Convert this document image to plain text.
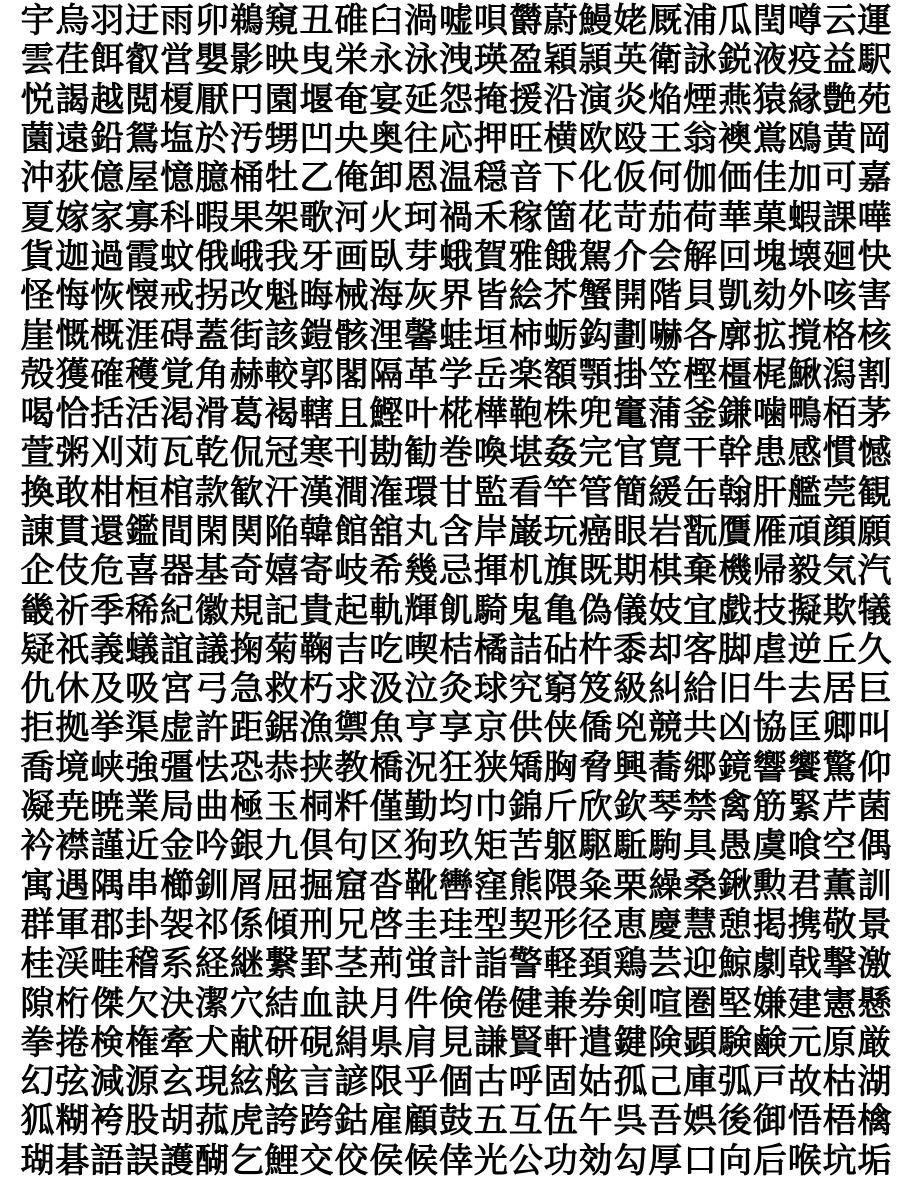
宇 烏 羽 迂 雨 卯 鵜 窺 丑 碓 臼 渦 嘘 唄 欝 蔚 鰻 姥 厩 浦 瓜 閏 噂 云 運
雲 荏 餌 叡 営 嬰 影 映 曳 栄 永 泳 洩 瑛 盈 穎 頴 英 衛 詠 鋭 液 疫 益 駅
悦 謁 越 閲 榎 厭 円 園 堰 奄 宴 延 怨 掩 援 沿 演 炎 焔 煙 燕 猿 縁 艶 苑
薗 遠 鉛 鴛 塩 於 汚 甥 凹 央 奥 往 応 押 旺 横 欧 殴 王 翁 襖 鴬 鴎 黄 岡
沖 荻 億 屋 憶 臆 桶 牡 乙 俺 卸 恩 温 穏 音 下 化 仮 何 伽 価 佳 加 可 嘉
夏 嫁 家 寡 科 暇 果 架 歌 河 火 珂 禍 禾 稼 箇 花 苛 茄 荷 華 菓 蝦 課 嘩
貨 迦 過 霞 蚊 俄 峨 我 牙 画 臥 芽 蛾 賀 雅 餓 駕 介 会 解 回 塊 壊 廻 快
怪 悔 恢 懐 戒 拐 改 魁 晦 械 海 灰 界 皆 絵 芥 蟹 開 階 貝 凱 劾 外 咳 害
崖 慨 概 涯 碍 蓋 街 該 鎧 骸 浬 馨 蛙 垣 柿 蛎 鈎 劃 嚇 各 廓 拡 撹 格 核
殻 獲 確 穫 覚 角 赫 較 郭 閣 隔 革 学 岳 楽 額 顎 掛 笠 樫 橿 梶 鰍 潟 割
喝 恰 括 活 渇 滑 葛 褐 轄 且 鰹 叶 椛 樺 鞄 株 兜 竃 蒲 釜 鎌 噛 鴨 栢 茅
萱 粥 刈 苅 瓦 乾 侃 冠 寒 刊 勘 勧 巻 喚 堪 姦 完 官 寛 干 幹 患 感 慣 憾
換 敢 柑 桓 棺 款 歓 汗 漢 澗 潅 環 甘 監 看 竿 管 簡 緩 缶 翰 肝 艦 莞 観
諌 貫 還 鑑 間 閑 関 陥 韓 館 舘 丸 含 岸 巌 玩 癌 眼 岩 翫 贋 雁 頑 顔 願
企 伎 危 喜 器 基 奇 嬉 寄 岐 希 幾 忌 揮 机 旗 既 期 棋 棄 機 帰 毅 気 汽
畿 祈 季 稀 紀 徽 規 記 貴 起 軌 輝 飢 騎 鬼 亀 偽 儀 妓 宜 戯 技 擬 欺 犠
疑 祇 義 蟻 誼 議 掬 菊 鞠 吉 吃 喫 桔 橘 詰 砧 杵 黍 却 客 脚 虐 逆 丘 久
仇 休 及 吸 宮 弓 急 救 朽 求 汲 泣 灸 球 究 窮 笈 級 糾 給 旧 牛 去 居 巨
拒 拠 挙 渠 虚 許 距 鋸 漁 禦 魚 亨 享 京 供 侠 僑 兇 競 共 凶 協 匡 卿 叫
喬 境 峡 強 彊 怯 恐 恭 挟 教 橋 況 狂 狭 矯 胸 脅 興 蕎 郷 鏡 響 饗 驚 仰
凝 尭 暁 業 局 曲 極 玉 桐 粁 僅 勤 均 巾 錦 斤 欣 欽 琴 禁 禽 筋 緊 芹 菌
衿 襟 謹 近 金 吟 銀 九 倶 句 区 狗 玖 矩 苦 躯 駆 駈 駒 具 愚 虞 喰 空 偶
寓 遇 隅 串 櫛 釧 屑 屈 掘 窟 沓 靴 轡 窪 熊 隈 粂 栗 繰 桑 鍬 勲 君 薫 訓
群 軍 郡 卦 袈 祁 係 傾 刑 兄 啓 圭 珪 型 契 形 径 恵 慶 慧 憩 掲 携 敬 景
桂 渓 畦 稽 系 経 継 繋 罫 茎 荊 蛍 計 詣 警 軽 頚 鶏 芸 迎 鯨 劇 戟 撃 激
隙 桁 傑 欠 決 潔 穴 結 血 訣 月 件 倹 倦 健 兼 券 剣 喧 圏 堅 嫌 建 憲 懸
拳 捲 検 権 牽 犬 献 研 硯 絹 県 肩 見 謙 賢 軒 遣 鍵 険 顕 験 鹸 元 原 厳
幻 弦 減 源 玄 現 絃 舷 言 諺 限 乎 個 古 呼 固 姑 孤 己 庫 弧 戸 故 枯 湖
狐 糊 袴 股 胡 菰 虎 誇 跨 鈷 雇 顧 鼓 五 互 伍 午 呉 吾 娯 後 御 悟 梧 檎
瑚 碁 語 誤 護 醐 乞 鯉 交 佼 侯 候 倖 光 公 功 効 勾 厚 口 向 后 喉 坑 垢
